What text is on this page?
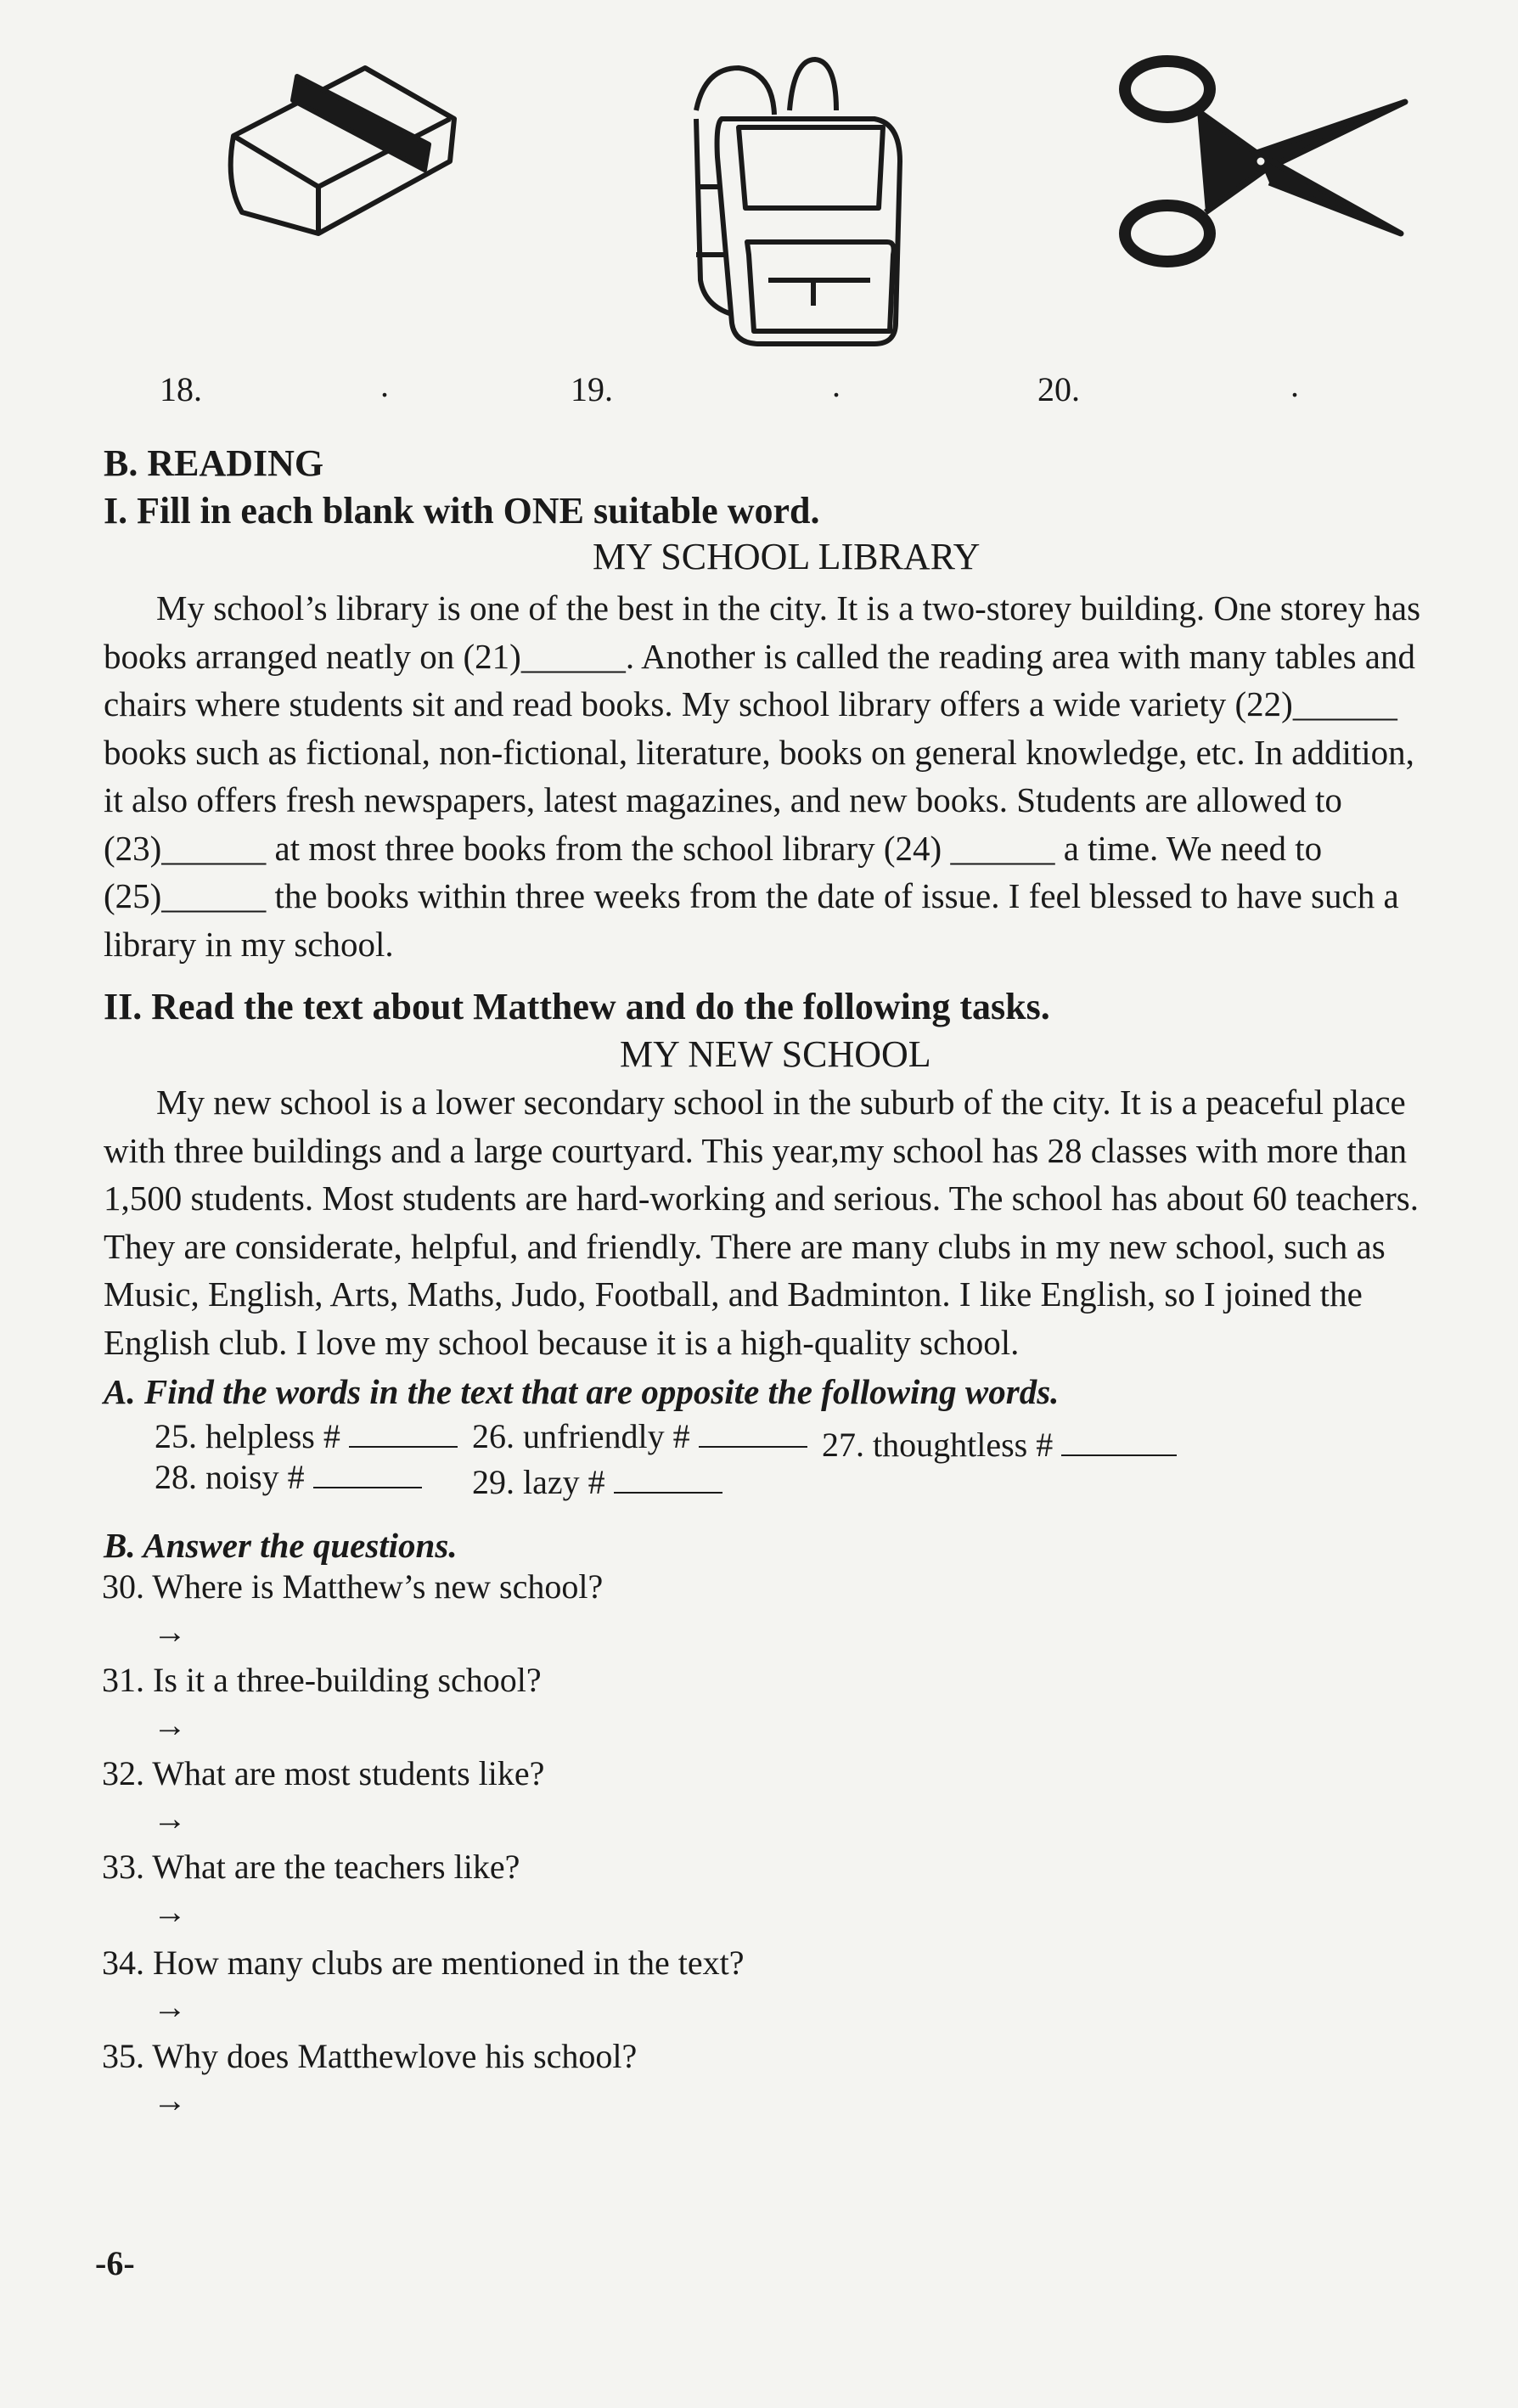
18.	19.	20.
.	.	.
B. READING
I. Fill in each blank with ONE suitable word.
MY SCHOOL LIBRARY
My school’s library is one of the best in the city. It is a two-storey building. One storey has
books arranged neatly on (21)______. Another is called the reading area with many tables and
chairs where students sit and read books. My school library offers a wide variety (22)______
books such as fictional, non-fictional, literature, books on general knowledge, etc. In addition,
it also offers fresh newspapers, latest magazines, and new books. Students are allowed to
(23)______ at most three books from the school library (24) ______ a time. We need to
(25)______ the books within three weeks from the date of issue. I feel blessed to have such a
library in my school.
II. Read the text about Matthew and do the following tasks.
MY NEW SCHOOL
My new school is a lower secondary school in the suburb of the city. It is a peaceful place
with three buildings and a large courtyard. This year,my school has 28 classes with more than
1,500 students. Most students are hard-working and serious. The school has about 60 teachers.
They are considerate, helpful, and friendly. There are many clubs in my new school, such as
Music, English, Arts, Maths, Judo, Football, and Badminton. I like English, so I joined the
English club. I love my school because it is a high-quality school.
A. Find the words in the text that are opposite the following words.
25. helpless #	26. unfriendly #	27. thoughtless #
28. noisy #	29. lazy #
B. Answer the questions.
30. Where is Matthew’s new school?
→
31. Is it a three-building school?
→
32. What are most students like?
→
33. What are the teachers like?
→
34. How many clubs are mentioned in the text?
→
35. Why does Matthewlove his school?
→
-6-
